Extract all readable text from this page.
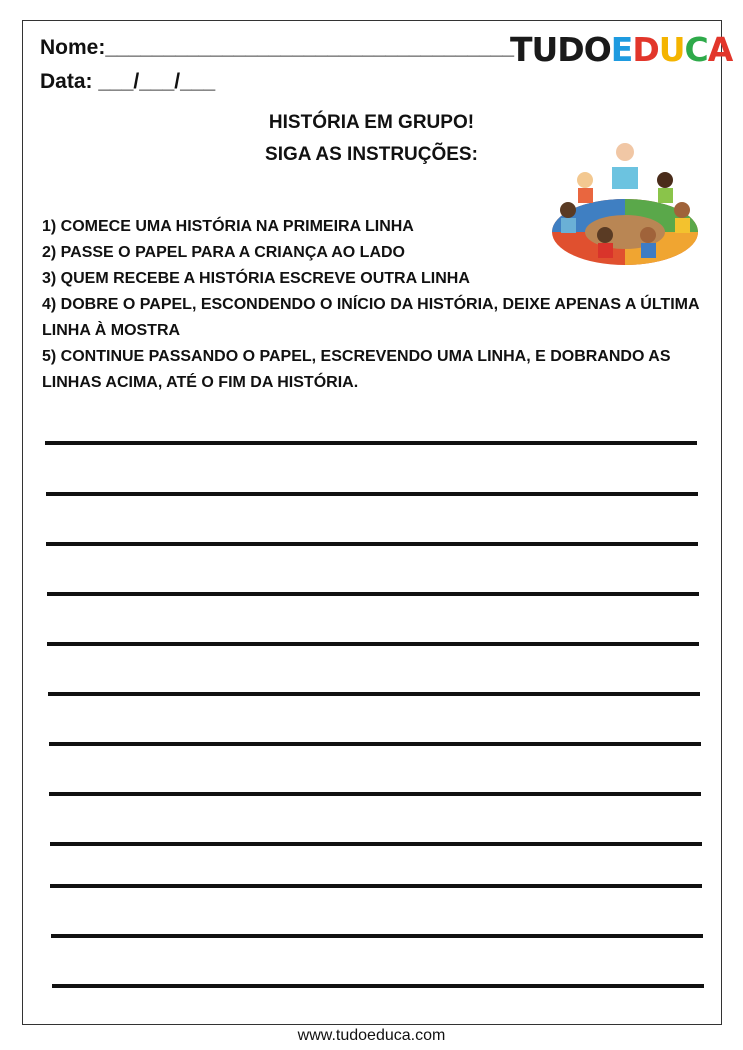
Nome:___________________________________
Data: ___/___/___
TUDOEDUCA
HISTÓRIA EM GRUPO!
SIGA AS INSTRUÇÕES:
1) COMECE UMA HISTÓRIA NA PRIMEIRA LINHA
2) PASSE O PAPEL PARA A CRIANÇA AO LADO
3) QUEM RECEBE A HISTÓRIA ESCREVE OUTRA LINHA
4) DOBRE O PAPEL, ESCONDENDO O INÍCIO DA HISTÓRIA, DEIXE APENAS A ÚLTIMA LINHA À MOSTRA
5) CONTINUE PASSANDO O PAPEL, ESCREVENDO UMA LINHA, E DOBRANDO AS LINHAS ACIMA, ATÉ O FIM DA HISTÓRIA.
www.tudoeduca.com
